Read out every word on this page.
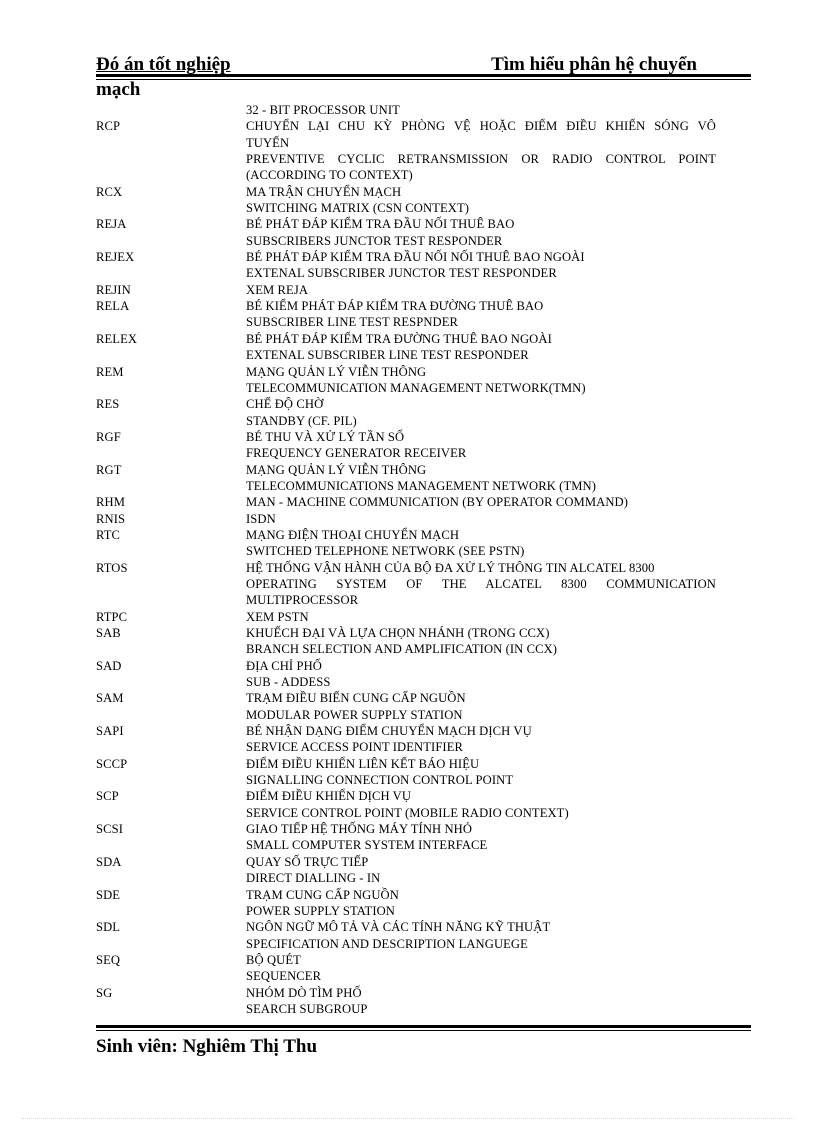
Đó án tốt nghiệp	Tìm hiểu phân hệ chuyển
mạch
32 - BIT PROCESSOR UNIT
RCP	CHUYỂN LẠI CHU KỲ PHÒNG VỆ HOẶC ĐIỂM ĐIỀU KHIỂN SÓNG VÔ
TUYẾN
PREVENTIVE CYCLIC RETRANSMISSION OR RADIO CONTROL POINT
(ACCORDING TO CONTEXT)
RCX	MA TRẬN CHUYỂN MẠCH
SWITCHING MATRIX (CSN CONTEXT)
REJA	BÉ PHÁT ĐÁP KIỂM TRA ĐẦU NỐI THUÊ BAO
SUBSCRIBERS JUNCTOR TEST RESPONDER
REJEX	BÉ PHÁT ĐÁP KIỂM TRA ĐẦU NỐI NỐI THUÊ BAO NGOÀI
EXTENAL SUBSCRIBER JUNCTOR TEST RESPONDER
REJIN	XEM REJA
RELA	BÉ KIỂM PHÁT ĐÁP KIỂM TRA ĐƯỜNG THUÊ BAO
SUBSCRIBER LINE TEST RESPNDER
RELEX	BÉ PHÁT ĐÁP KIỂM TRA ĐƯỜNG THUÊ BAO NGOÀI
EXTENAL SUBSCRIBER LINE TEST RESPONDER
REM	MẠNG QUẢN LÝ VIỄN THÔNG
TELECOMMUNICATION MANAGEMENT NETWORK(TMN)
RES	CHẾ ĐỘ CHỜ
STANDBY (CF. PIL)
RGF	BÉ THU VÀ XỬ LÝ TẦN SỐ
FREQUENCY GENERATOR RECEIVER
RGT	MẠNG QUẢN LÝ VIỄN THÔNG
TELECOMMUNICATIONS MANAGEMENT NETWORK (TMN)
RHM	MAN - MACHINE COMMUNICATION (BY OPERATOR COMMAND)
RNIS	ISDN
RTC	MẠNG ĐIỆN THOẠI CHUYỂN MẠCH
SWITCHED TELEPHONE NETWORK (SEE PSTN)
RTOS	HỆ THỐNG VẬN HÀNH CỦA BỘ ĐA XỬ LÝ THÔNG TIN ALCATEL 8300
OPERATING SYSTEM OF THE ALCATEL 8300 COMMUNICATION
MULTIPROCESSOR
RTPC	XEM PSTN
SAB	KHUẾCH ĐẠI VÀ LỰA CHỌN NHÁNH (TRONG CCX)
BRANCH SELECTION AND AMPLIFICATION (IN CCX)
SAD	ĐỊA CHỈ PHỐ
SUB - ADDESS
SAM	TRẠM ĐIỀU BIẾN CUNG CẤP NGUỒN
MODULAR POWER SUPPLY STATION
SAPI	BÉ NHẬN DẠNG ĐIỂM CHUYỂN MẠCH DỊCH VỤ
SERVICE ACCESS POINT IDENTIFIER
SCCP	ĐIỂM ĐIỀU KHIỂN LIÊN KẾT BÁO HIỆU
SIGNALLING CONNECTION CONTROL POINT
SCP	ĐIỂM ĐIỀU KHIỂN DỊCH VỤ
SERVICE CONTROL POINT (MOBILE RADIO CONTEXT)
SCSI	GIAO TIẾP HỆ THỐNG MÁY TÍNH NHỎ
SMALL COMPUTER SYSTEM INTERFACE
SDA	QUAY SỐ TRỰC TIẾP
DIRECT DIALLING - IN
SDE	TRẠM CUNG CẤP NGUỒN
POWER SUPPLY STATION
SDL	NGÔN NGỮ MÔ TẢ VÀ CÁC TÍNH NĂNG KỸ THUẬT
SPECIFICATION AND DESCRIPTION LANGUEGE
SEQ	BỘ QUÉT
SEQUENCER
SG	NHÓM DÒ TÌM PHỐ
SEARCH SUBGROUP
Sinh viên: Nghiêm Thị Thu
